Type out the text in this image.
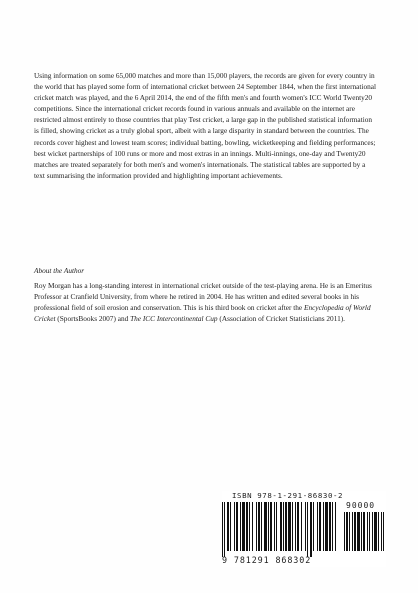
Using information on some 65,000 matches and more than 15,000 players, the records are given for every country in the world that has played some form of international cricket between 24 September 1844, when the first international cricket match was played, and the 6 April 2014, the end of the fifth men's and fourth women's ICC World Twenty20 competitions. Since the international cricket records found in various annuals and available on the internet are restricted almost entirely to those countries that play Test cricket, a large gap in the published statistical information is filled, showing cricket as a truly global sport, albeit with a large disparity in standard between the countries. The records cover highest and lowest team scores; individual batting, bowling, wicketkeeping and fielding performances; best wicket partnerships of 100 runs or more and most extras in an innings. Multi-innings, one-day and Twenty20 matches are treated separately for both men's and women's internationals. The statistical tables are supported by a text summarising the information provided and highlighting important achievements.

About the Author

Roy Morgan has a long-standing interest in international cricket outside of the test-playing arena. He is an Emeritus Professor at Cranfield University, from where he retired in 2004. He has written and edited several books in his professional field of soil erosion and conservation. This is his third book on cricket after the Encyclopedia of World Cricket (SportsBooks 2007) and The ICC Intercontinental Cup (Association of Cricket Statisticians 2011).

ISBN 978-1-291-86830-2
90000
9 781291 868302
